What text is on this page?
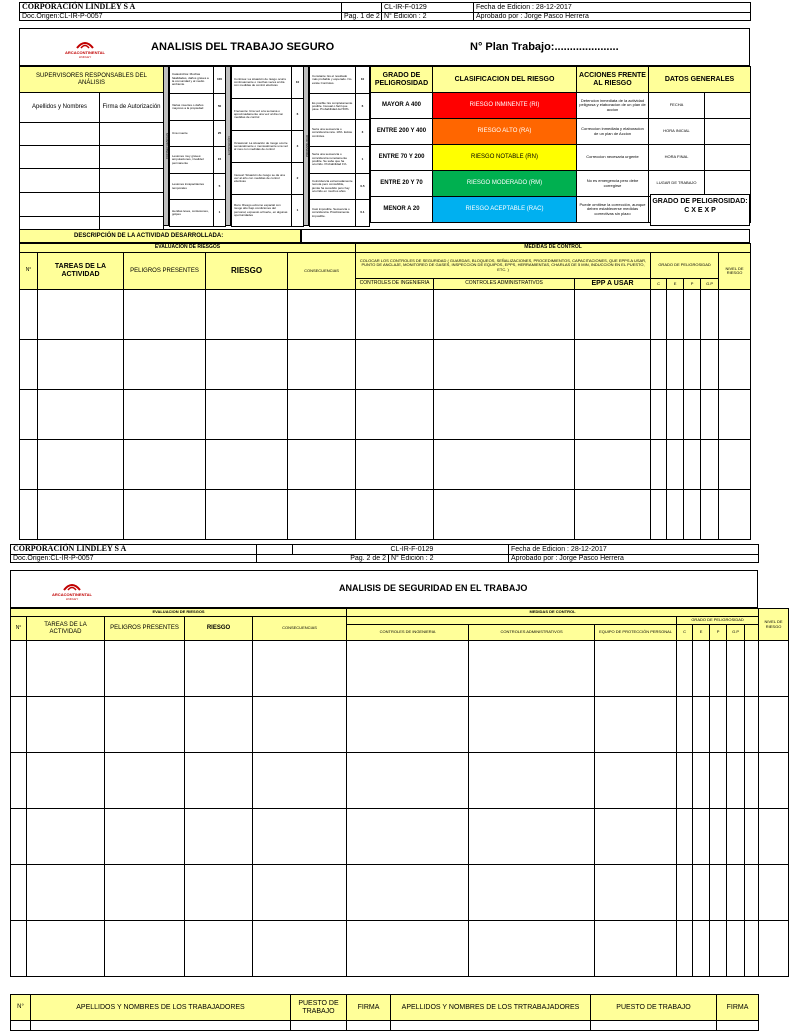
CORPORACIÓN LINDLEY S A		CL-IR-F-0129	Fecha de Edicion : 28-12-2017
Doc.Origen:CL-IR-P-0057	Pag. 1 de 2	N° Edición : 2	Aprobado por : Jorge Pasco Herrera
ARCACONTINENTAL
LINDLEY
ANALISIS DEL TRABAJO SEGURO	N° Plan Trabajo:.....................
SUPERVISORES RESPONSABLES DEL ANÁLISIS	
Apellidos y Nombres	Firma de Autorización

CONSECUENCIAS
Catastrofica: Muchas fatalidades, daños graves a la comunidad y al medio ambiente	100
Varias muertes o daños mayores a la propiedad	50
Una muerte	25
Lesiones muy graves: amputaciones, invalidez permanente	15
Lesiones incapacitantes temporales	5
Heridas leves, contusiones, golpes	1
EXPOSICIÓN
Continua: La situación de riesgo ocurre continuamente o muchas veces al día con medidas de control efectivas	10
Frecuente: Una vez a la semana o aproximadamente una vez al día con medidas de control	6
Ocasional: La situación de riesgo ocurre semanalmente o mensualmente una vez al mes con medidas de control	3
Inusual: Situación de riesgo se da una vez al año con medidas de control efectivas	2
Raro: Riesgo extremo espacial con riesgo alto bajo condiciones del personal, expuesto al fuerte, en algunas oportunidades	1
PROBABILIDAD
Constante: Es el resultado más probable y esperado. No existe Controles.	10
Es posible: Es completamente posible. Inusual o fácil que pase. Probabilidad del 50%.	6
Seria una secuencia o coincidencia rara. 10%. Existe controles.	3
Seria una secuencia o coincidencia remotamente posible. Se sabe que ha ocurrido. Probabilidad 1%.	1
Coincidencia extremadamente remota pero concebible, jamás ha sucedido pero hay ocurrido en muchos años	0.5
Casi imposible. Secuencia o coincidencia. Prácticamente imposible.	0.1
GRADO DE PELIGROSIDAD	CLASIFICACION DEL RIESGO	ACCIONES FRENTE AL RIESGO	DATOS GENERALES	
MAYOR A 400	RIESGO INMINENTE (RI)	Detencion inmediata de la actividad peligrosa y elaboracion de un plan de accion	FECHA	
ENTRE 200 Y 400	RIESGO ALTO (RA)	Correccion inmediata y elaboracion de un plan de Accion	HORA INICIAL	
ENTRE 70 Y 200	RIESGO NOTABLE (RN)	Correccion necesaria urgente	HORA FINAL	
ENTRE 20 Y 70	RIESGO MODERADO (RM)	No es emergencia pero debe corregirse	LUGAR DE TRABAJO	
MENOR A 20	RIESGO ACEPTABLE (RAC)	Puede omitirse la corrección, aunque deben establecerse medidas correctivas sin plazo		
GRADO DE PELIGROSIDAD:
C X E X P
DESCRIPCIÓN DE LA ACTIVIDAD DESARROLLADA:
EVALUACION DE RIESGOS					MEDIDAS DE CONTROL							
N°	TAREAS DE LA ACTIVIDAD	PELIGROS PRESENTES	RIESGO	CONSECUENCIAS	COLOCAR LOS CONTROLES DE SEGURIDAD ( GUARDAS, BLOQUEOS, SEÑALIZACIONES, PROCEDIMIENTOS, CAPACITACIONES, QUE EPPS A USAR, PUNTO DE ANCLAJE, MONITOREO DE GASES, INSPECCION DE EQUIPOS, EPPS, HERRAMIENTAS, CHARLAS DE 5 MIN, INDUCCION EN EL PUESTO, ETC. )			GRADO DE PELIGROSIDAD				NIVEL DE RIESGO
					CONTROLES DE INGENIERIA	CONTROLES ADMINISTRATIVOS	EPP A USAR	C	E	P	G.P	

CORPORACIÓN LINDLEY S A			CL-IR-F-0129	Fecha de Edicion : 28-12-2017
Doc.Origen:CL-IR-P-0057	Pag. 2 de 2		N° Edición : 2	Aprobado por : Jorge Pasco Herrera
ARCACONTINENTAL
LINDLEY
ANALISIS DE SEGURIDAD EN EL TRABAJO
EVALUACION DE RIESGOS					MEDIDAS DE CONTROL								NIVEL DE RIESGO
N°	TAREAS DE LA ACTIVIDAD	PELIGROS PRESENTES	RIESGO	CONSECUENCIAS				GRADO DE PELIGROSIDAD					
					CONTROLES DE INGENIERIA	CONTROLES ADMINISTRATIVOS	EQUIPO DE PROTECCIÓN PERSONAL	C	E	P	G.P		

N°	APELLIDOS Y NOMBRES DE LOS TRABAJADORES	PUESTO DE TRABAJO	FIRMA	APELLIDOS Y NOMBRES DE LOS TRTRABAJADORES	PUESTO DE TRABAJO	FIRMA
